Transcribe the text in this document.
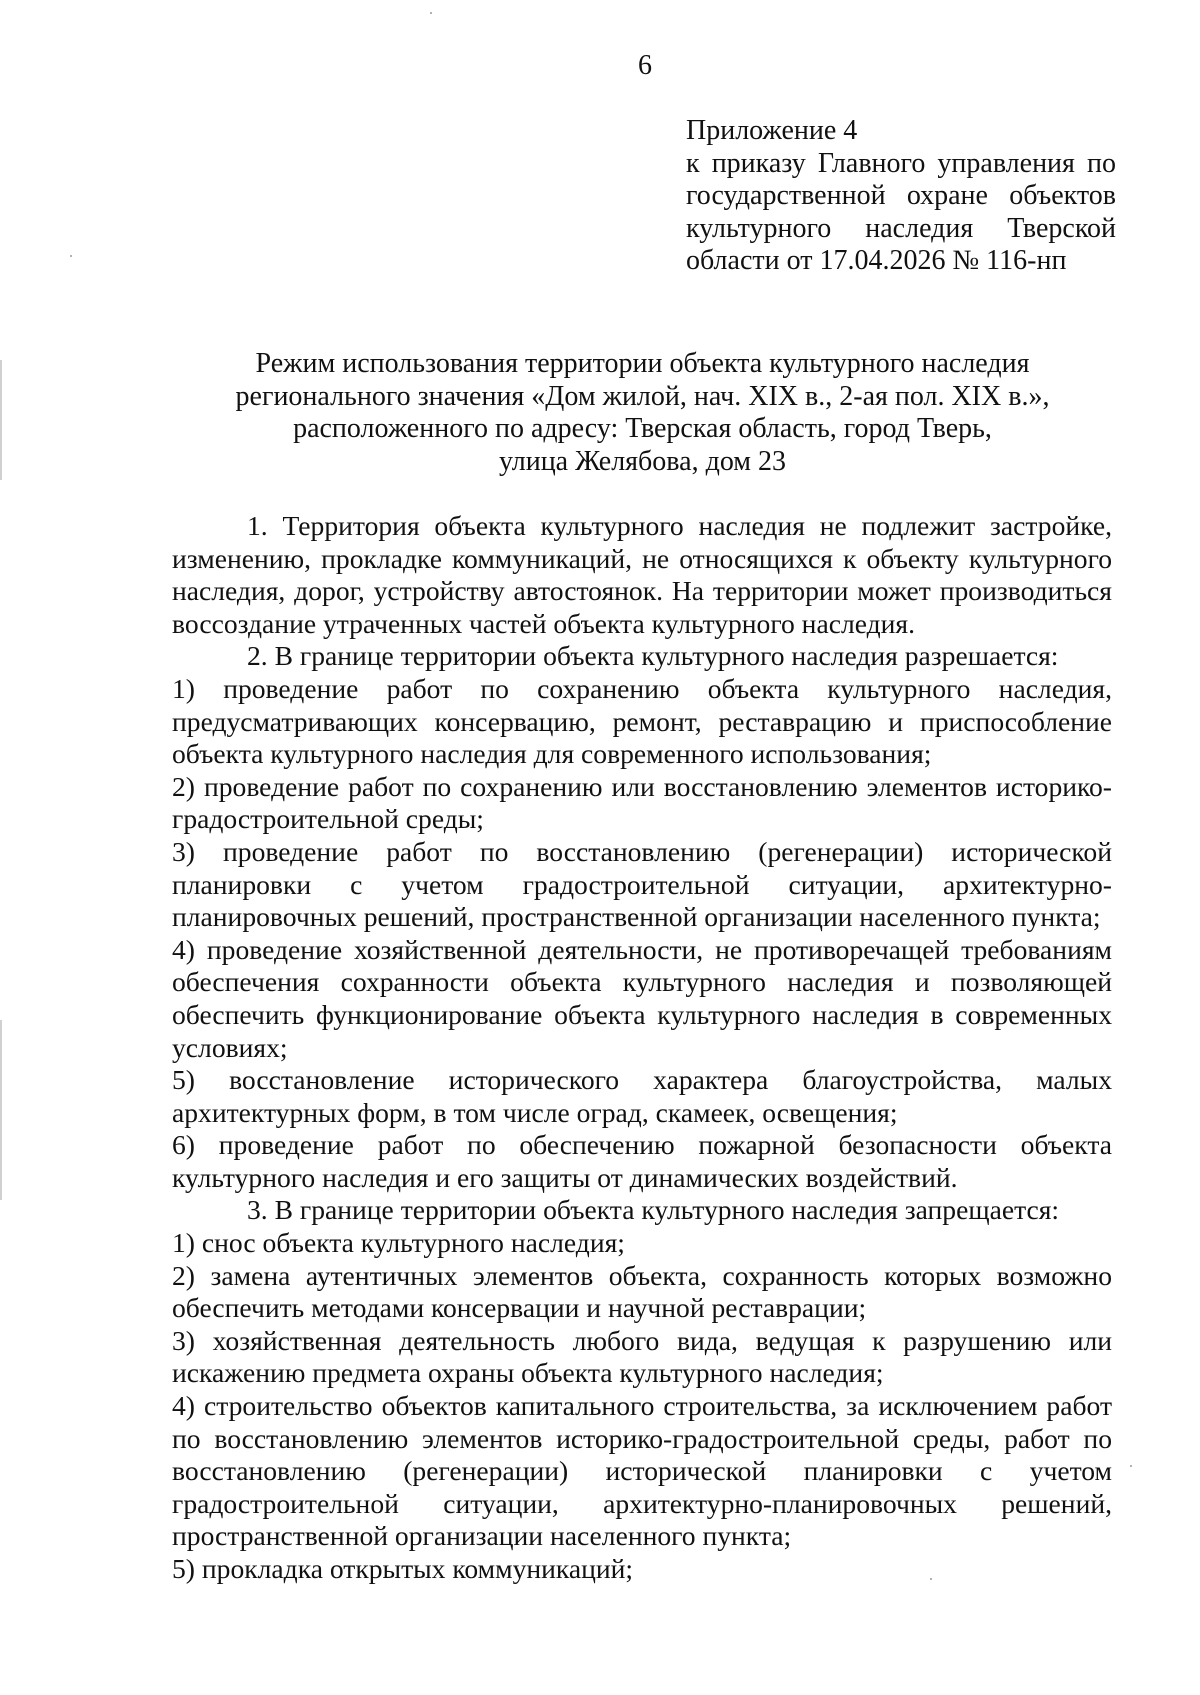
6
Приложение 4
к приказу Главного управления по
государственной охране объектов
культурного наследия Тверской
области от 17.04.2026 № 116-нп
Режим использования территории объекта культурного наследия
регионального значения «Дом жилой, нач. XIX в., 2-ая пол. XIX в.»,
расположенного по адресу: Тверская область, город Тверь,
улица Желябова, дом 23

1. Территория объекта культурного наследия не подлежит застройке, изменению, прокладке коммуникаций, не относящихся к объекту культурного наследия, дорог, устройству автостоянок. На территории может производиться воссоздание утраченных частей объекта культурного наследия.

2. В границе территории объекта культурного наследия разрешается:

1) проведение работ по сохранению объекта культурного наследия, предусматривающих консервацию, ремонт, реставрацию и приспособление объекта культурного наследия для современного использования;

2) проведение работ по сохранению или восстановлению элементов историко-градостроительной среды;

3) проведение работ по восстановлению (регенерации) исторической планировки с учетом градостроительной ситуации, архитектурно-планировочных решений, пространственной организации населенного пункта;

4) проведение хозяйственной деятельности, не противоречащей требованиям обеспечения сохранности объекта культурного наследия и позволяющей обеспечить функционирование объекта культурного наследия в современных условиях;

5) восстановление исторического характера благоустройства, малых архитектурных форм, в том числе оград, скамеек, освещения;

6) проведение работ по обеспечению пожарной безопасности объекта культурного наследия и его защиты от динамических воздействий.

3. В границе территории объекта культурного наследия запрещается:

1) снос объекта культурного наследия;

2) замена аутентичных элементов объекта, сохранность которых возможно обеспечить методами консервации и научной реставрации;

3) хозяйственная деятельность любого вида, ведущая к разрушению или искажению предмета охраны объекта культурного наследия;

4) строительство объектов капитального строительства, за исключением работ по восстановлению элементов историко-градостроительной среды, работ по восстановлению (регенерации) исторической планировки с учетом градостроительной ситуации, архитектурно-планировочных решений, пространственной организации населенного пункта;

5) прокладка открытых коммуникаций;
